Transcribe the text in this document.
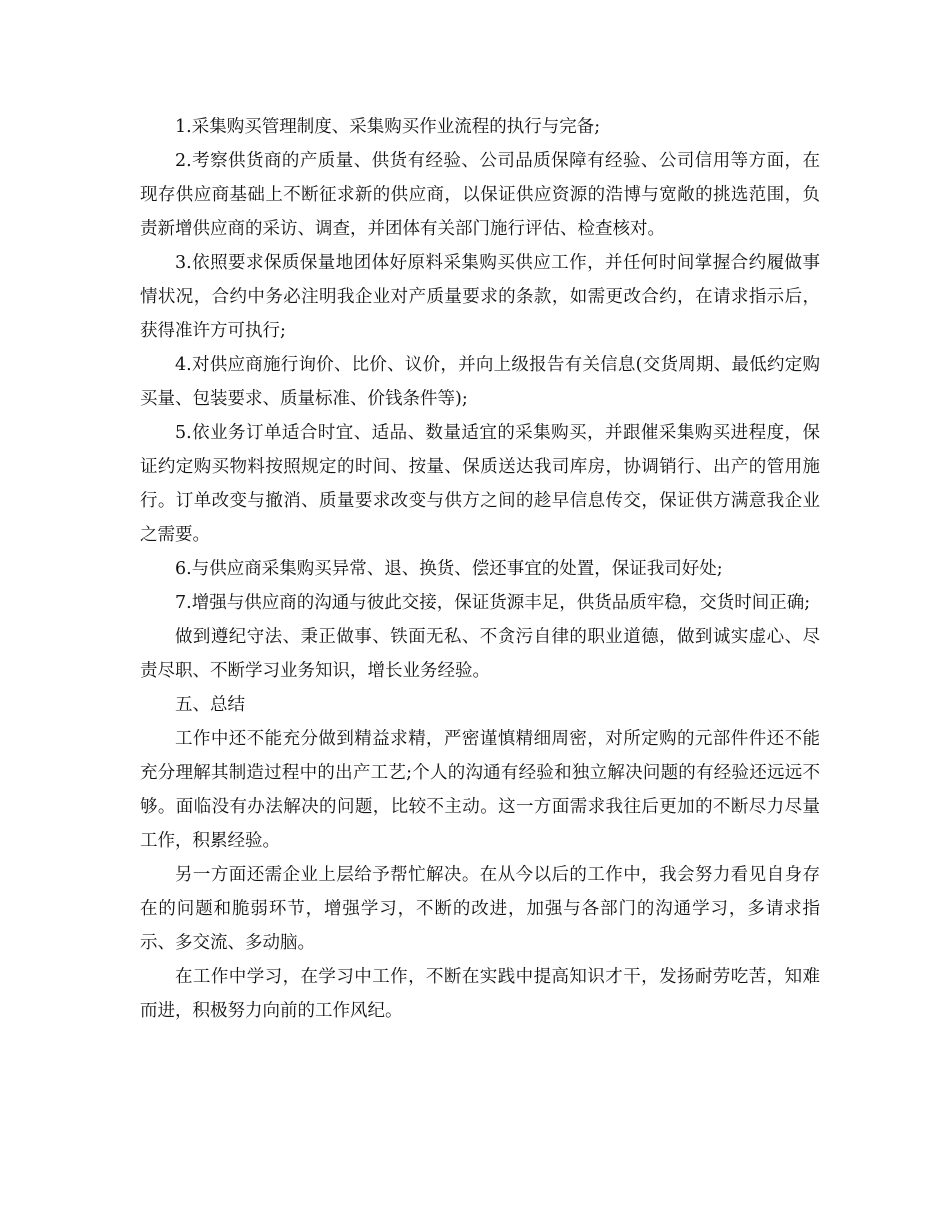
1.采集购买管理制度、采集购买作业流程的执行与完备;

2.考察供货商的产质量、供货有经验、公司品质保障有经验、公司信用等方面，在现存供应商基础上不断征求新的供应商，以保证供应资源的浩博与宽敞的挑选范围，负责新增供应商的采访、调查，并团体有关部门施行评估、检查核对。

3.依照要求保质保量地团体好原料采集购买供应工作，并任何时间掌握合约履做事情状况，合约中务必注明我企业对产质量要求的条款，如需更改合约，在请求指示后，获得准许方可执行;

4.对供应商施行询价、比价、议价，并向上级报告有关信息(交货周期、最低约定购买量、包装要求、质量标准、价钱条件等);

5.依业务订单适合时宜、适品、数量适宜的采集购买，并跟催采集购买进程度，保证约定购买物料按照规定的时间、按量、保质送达我司库房，协调销行、出产的管用施行。订单改变与撤消、质量要求改变与供方之间的趁早信息传交，保证供方满意我企业之需要。

6.与供应商采集购买异常、退、换货、偿还事宜的处置，保证我司好处;

7.增强与供应商的沟通与彼此交接，保证货源丰足，供货品质牢稳，交货时间正确;

做到遵纪守法、秉正做事、铁面无私、不贪污自律的职业道德，做到诚实虚心、尽责尽职、不断学习业务知识，增长业务经验。

五、总结

工作中还不能充分做到精益求精，严密谨慎精细周密，对所定购的元部件件还不能充分理解其制造过程中的出产工艺;个人的沟通有经验和独立解决问题的有经验还远远不够。面临没有办法解决的问题，比较不主动。这一方面需求我往后更加的不断尽力尽量工作，积累经验。

另一方面还需企业上层给予帮忙解决。在从今以后的工作中，我会努力看见自身存在的问题和脆弱环节，增强学习，不断的改进，加强与各部门的沟通学习，多请求指示、多交流、多动脑。

在工作中学习，在学习中工作，不断在实践中提高知识才干，发扬耐劳吃苦，知难而进，积极努力向前的工作风纪。
